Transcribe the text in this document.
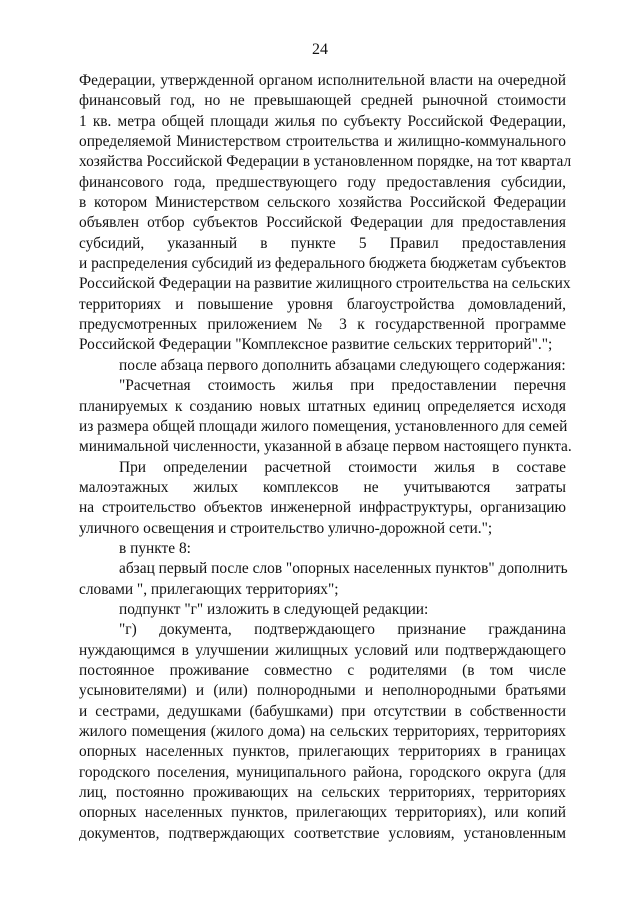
24
Федерации, утвержденной органом исполнительной власти на очередной
финансовый год, но не превышающей средней рыночной стоимости
1 кв. метра общей площади жилья по субъекту Российской Федерации,
определяемой Министерством строительства и жилищно-коммунального
хозяйства Российской Федерации в установленном порядке, на тот квартал
финансового года, предшествующего году предоставления субсидии,
в котором Министерством сельского хозяйства Российской Федерации
объявлен отбор субъектов Российской Федерации для предоставления
субсидий, указанный в пункте 5 Правил предоставления
и распределения субсидий из федерального бюджета бюджетам субъектов
Российской Федерации на развитие жилищного строительства на сельских
территориях и повышение уровня благоустройства домовладений,
предусмотренных приложением № 3 к государственной программе
Российской Федерации "Комплексное развитие сельских территорий".";
после абзаца первого дополнить абзацами следующего содержания:
"Расчетная стоимость жилья при предоставлении перечня
планируемых к созданию новых штатных единиц определяется исходя
из размера общей площади жилого помещения, установленного для семей
минимальной численности, указанной в абзаце первом настоящего пункта.
При определении расчетной стоимости жилья в составе
малоэтажных жилых комплексов не учитываются затраты
на строительство объектов инженерной инфраструктуры, организацию
уличного освещения и строительство улично-дорожной сети.";
в пункте 8:
абзац первый после слов "опорных населенных пунктов" дополнить
словами ", прилегающих территориях";
подпункт "г" изложить в следующей редакции:
"г) документа, подтверждающего признание гражданина
нуждающимся в улучшении жилищных условий или подтверждающего
постоянное проживание совместно с родителями (в том числе
усыновителями) и (или) полнородными и неполнородными братьями
и сестрами, дедушками (бабушками) при отсутствии в собственности
жилого помещения (жилого дома) на сельских территориях, территориях
опорных населенных пунктов, прилегающих территориях в границах
городского поселения, муниципального района, городского округа (для
лиц, постоянно проживающих на сельских территориях, территориях
опорных населенных пунктов, прилегающих территориях), или копий
документов, подтверждающих соответствие условиям, установленным
